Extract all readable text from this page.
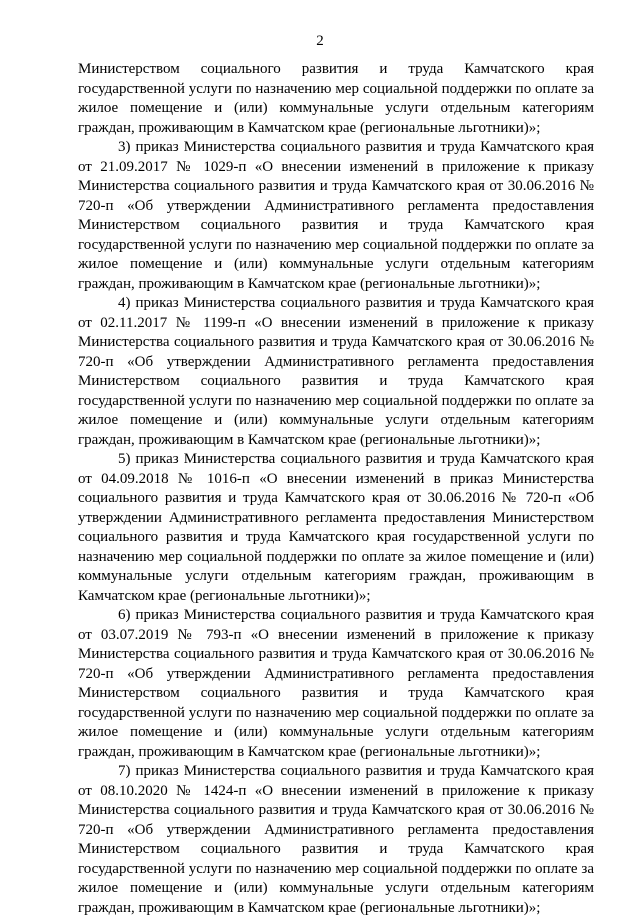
2

Министерством социального развития и труда Камчатского края государственной услуги по назначению мер социальной поддержки по оплате за жилое помещение и (или) коммунальные услуги отдельным категориям граждан, проживающим в Камчатском крае (региональные льготники)»;

3) приказ Министерства социального развития и труда Камчатского края от 21.09.2017 № 1029-п «О внесении изменений в приложение к приказу Министерства социального развития и труда Камчатского края от 30.06.2016 № 720-п «Об утверждении Административного регламента предоставления Министерством социального развития и труда Камчатского края государственной услуги по назначению мер социальной поддержки по оплате за жилое помещение и (или) коммунальные услуги отдельным категориям граждан, проживающим в Камчатском крае (региональные льготники)»;

4) приказ Министерства социального развития и труда Камчатского края от 02.11.2017 № 1199-п «О внесении изменений в приложение к приказу Министерства социального развития и труда Камчатского края от 30.06.2016 № 720-п «Об утверждении Административного регламента предоставления Министерством социального развития и труда Камчатского края государственной услуги по назначению мер социальной поддержки по оплате за жилое помещение и (или) коммунальные услуги отдельным категориям граждан, проживающим в Камчатском крае (региональные льготники)»;

5) приказ Министерства социального развития и труда Камчатского края от 04.09.2018 № 1016-п «О внесении изменений в приказ Министерства социального развития и труда Камчатского края от 30.06.2016 № 720-п «Об утверждении Административного регламента предоставления Министерством социального развития и труда Камчатского края государственной услуги по назначению мер социальной поддержки по оплате за жилое помещение и (или) коммунальные услуги отдельным категориям граждан, проживающим в Камчатском крае (региональные льготники)»;

6) приказ Министерства социального развития и труда Камчатского края от 03.07.2019 № 793-п «О внесении изменений в приложение к приказу Министерства социального развития и труда Камчатского края от 30.06.2016 № 720-п «Об утверждении Административного регламента предоставления Министерством социального развития и труда Камчатского края государственной услуги по назначению мер социальной поддержки по оплате за жилое помещение и (или) коммунальные услуги отдельным категориям граждан, проживающим в Камчатском крае (региональные льготники)»;

7) приказ Министерства социального развития и труда Камчатского края от 08.10.2020 № 1424-п «О внесении изменений в приложение к приказу Министерства социального развития и труда Камчатского края от 30.06.2016 № 720-п «Об утверждении Административного регламента предоставления Министерством социального развития и труда Камчатского края государственной услуги по назначению мер социальной поддержки по оплате за жилое помещение и (или) коммунальные услуги отдельным категориям граждан, проживающим в Камчатском крае (региональные льготники)»;
